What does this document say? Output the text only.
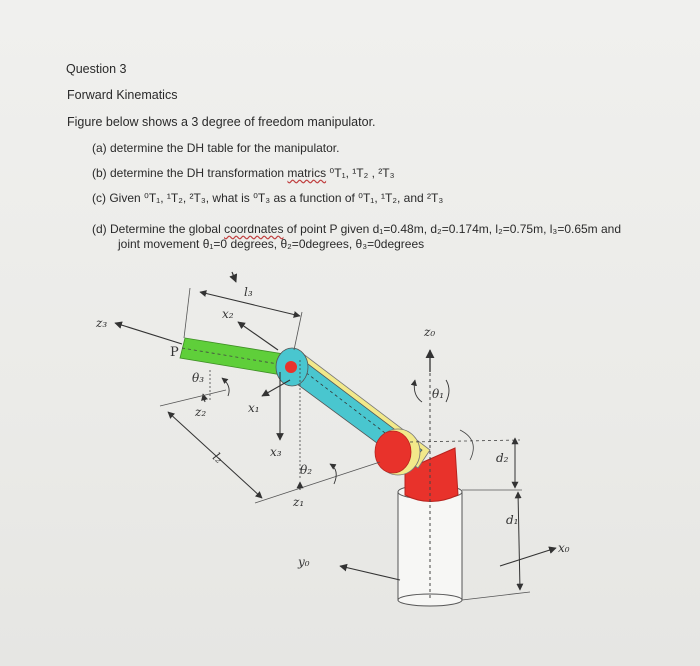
Question 3
Forward Kinematics
Figure below shows a 3 degree of freedom manipulator.
(a) determine the DH table for the manipulator.
(b) determine the DH transformation matrics ⁰T₁, ¹T₂ , ²T₃
(c) Given ⁰T₁, ¹T₂, ²T₃, what is ⁰T₃ as a function of ⁰T₁, ¹T₂, and ²T₃
(d) Determine the global coordnates of point P given d₁=0.48m, d₂=0.174m, l₂=0.75m, l₃=0.65m and
joint movement θ₁=0 degrees, θ₂=0degrees, θ₃=0degrees
l₃
x₂
z₃
P
θ₃
z₂	x₁
l₂	x₃
θ₂
z₁
z₀
θ₁
d₂
d₁
y₀
x₀
